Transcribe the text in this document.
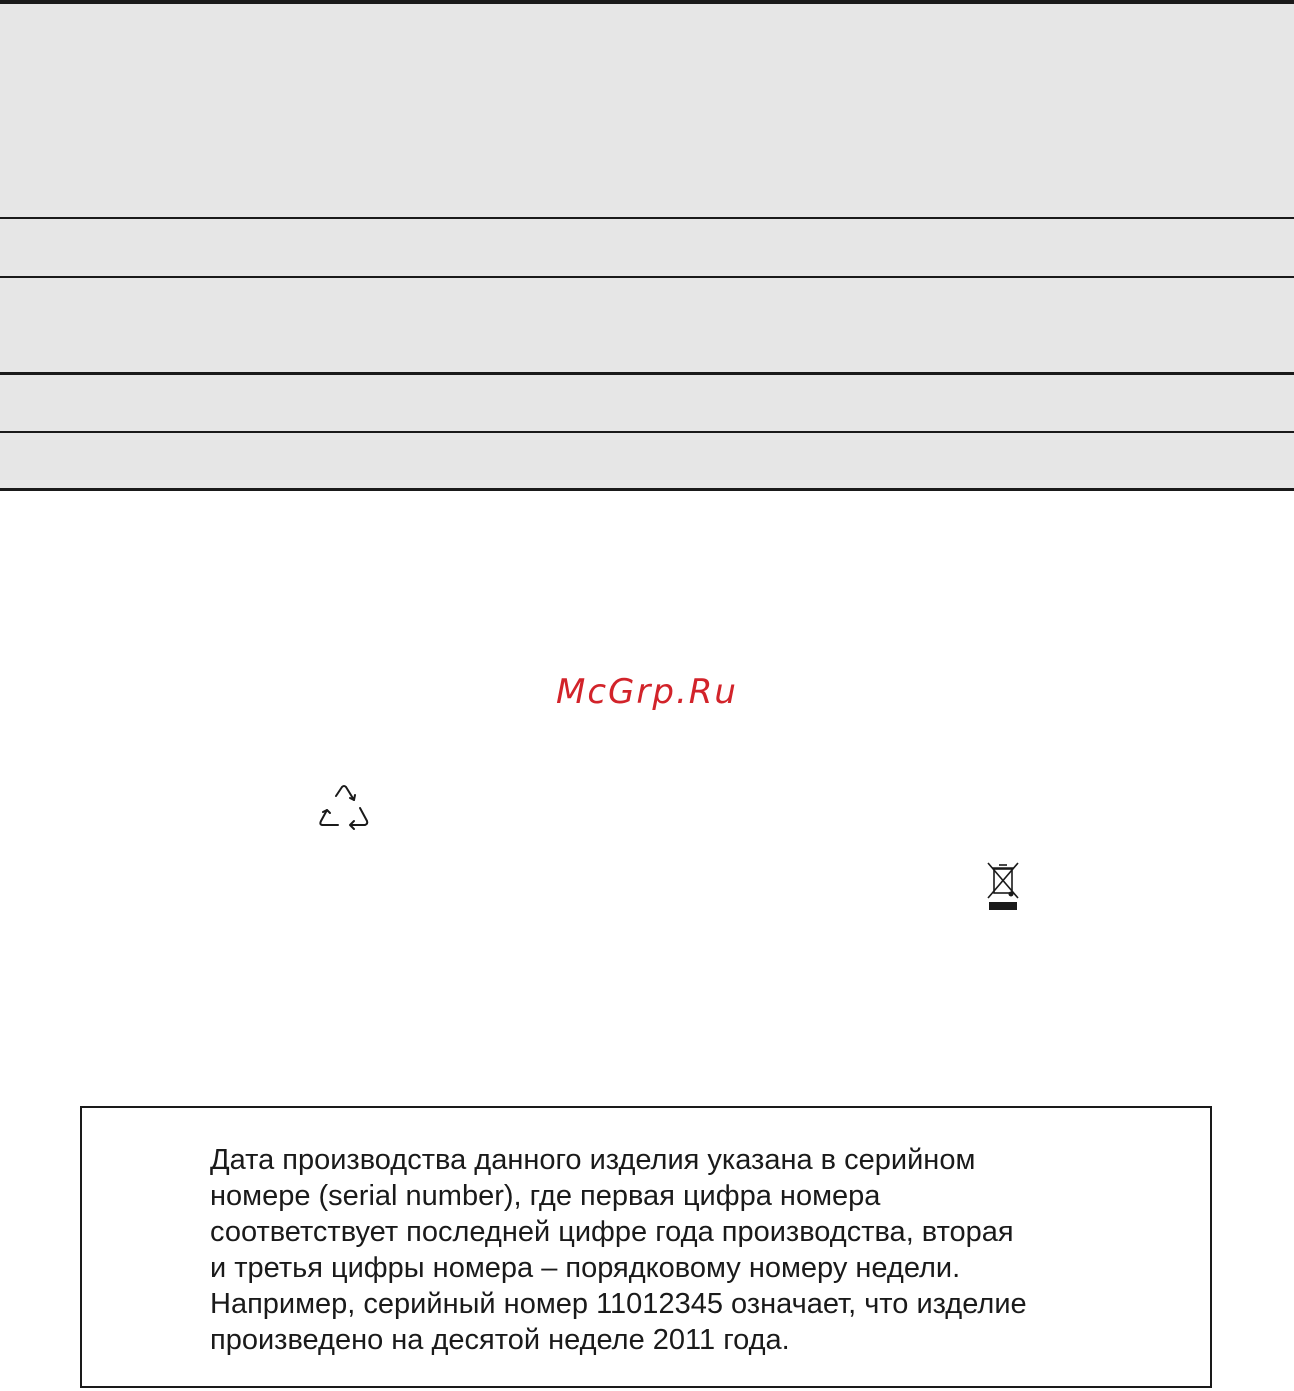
McGrp.Ru

Дата производства данного изделия указана в серийном
номере (serial number), где первая цифра номера
соответствует последней цифре года производства, вторая
и третья цифры номера – порядковому номеру недели.
Например, серийный номер 11012345 означает, что изделие
произведено на десятой неделе 2011 года.
